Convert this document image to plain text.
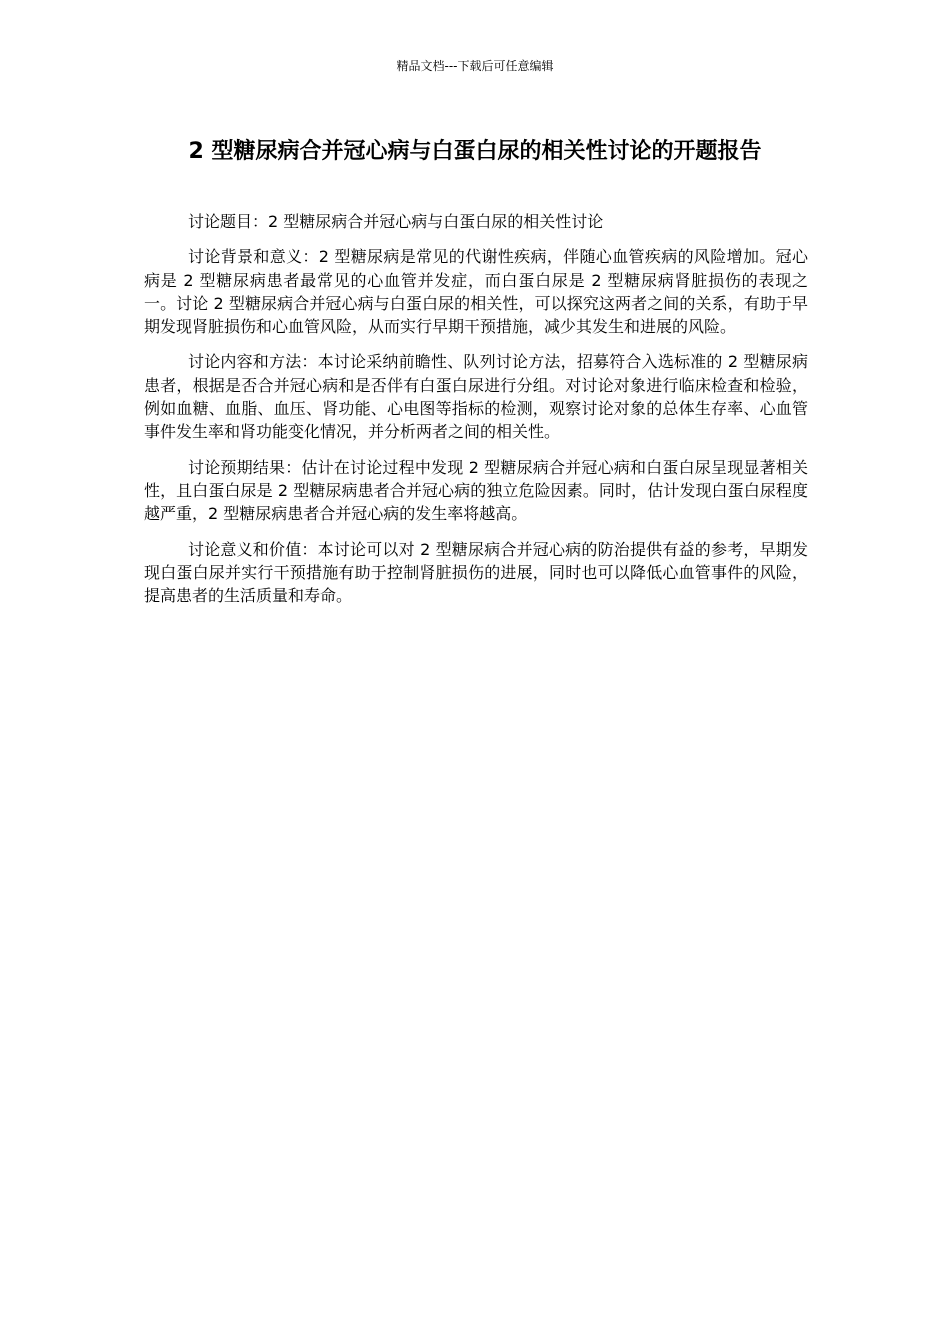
精品文档---下载后可任意编辑
2 型糖尿病合并冠心病与白蛋白尿的相关性讨论的开题报告

讨论题目：2 型糖尿病合并冠心病与白蛋白尿的相关性讨论

讨论背景和意义：2 型糖尿病是常见的代谢性疾病，伴随心血管疾病的风险增加。冠心病是 2 型糖尿病患者最常见的心血管并发症，而白蛋白尿是 2 型糖尿病肾脏损伤的表现之一。讨论 2 型糖尿病合并冠心病与白蛋白尿的相关性，可以探究这两者之间的关系，有助于早期发现肾脏损伤和心血管风险，从而实行早期干预措施，减少其发生和进展的风险。

讨论内容和方法：本讨论采纳前瞻性、队列讨论方法，招募符合入选标准的 2 型糖尿病患者，根据是否合并冠心病和是否伴有白蛋白尿进行分组。对讨论对象进行临床检查和检验，例如血糖、血脂、血压、肾功能、心电图等指标的检测，观察讨论对象的总体生存率、心血管事件发生率和肾功能变化情况，并分析两者之间的相关性。

讨论预期结果：估计在讨论过程中发现 2 型糖尿病合并冠心病和白蛋白尿呈现显著相关性，且白蛋白尿是 2 型糖尿病患者合并冠心病的独立危险因素。同时，估计发现白蛋白尿程度越严重，2 型糖尿病患者合并冠心病的发生率将越高。

讨论意义和价值：本讨论可以对 2 型糖尿病合并冠心病的防治提供有益的参考，早期发现白蛋白尿并实行干预措施有助于控制肾脏损伤的进展，同时也可以降低心血管事件的风险，提高患者的生活质量和寿命。
